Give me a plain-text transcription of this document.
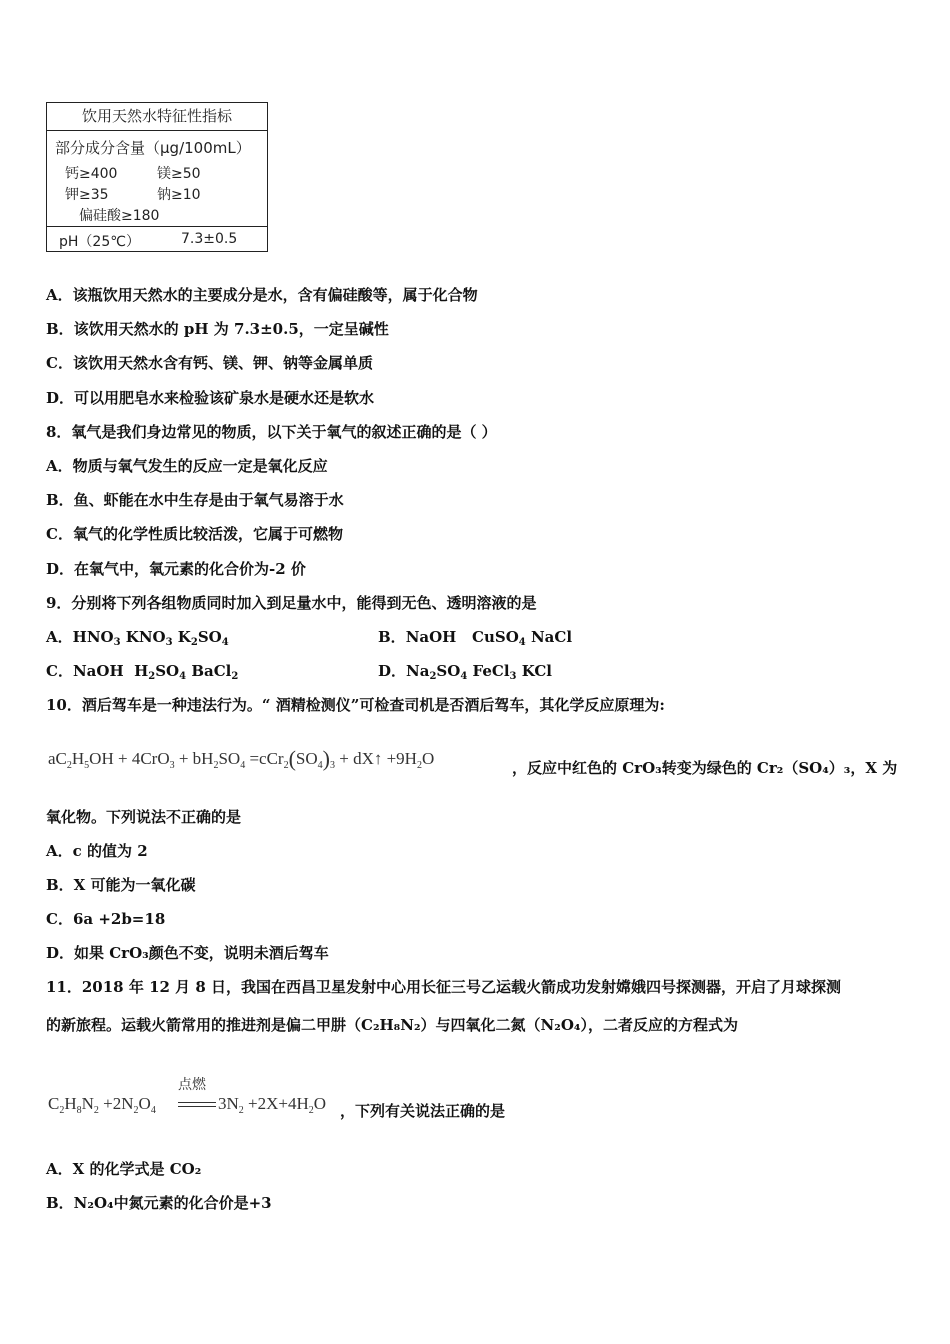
饮用天然水特征性指标
部分成分含量（μg/100mL）
钙≥400	镁≥50
钾≥35	钠≥10
偏硅酸≥180
pH（25℃）	7.3±0.5
A．该瓶饮用天然水的主要成分是水，含有偏硅酸等，属于化合物
B．该饮用天然水的 pH 为 7.3±0.5，一定呈碱性
C．该饮用天然水含有钙、镁、钾、钠等金属单质
D．可以用肥皂水来检验该矿泉水是硬水还是软水
8．氧气是我们身边常见的物质，以下关于氧气的叙述正确的是（ ）
A．物质与氧气发生的反应一定是氧化反应
B．鱼、虾能在水中生存是由于氧气易溶于水
C．氧气的化学性质比较活泼，它属于可燃物
D．在氧气中，氧元素的化合价为-2 价
9．分别将下列各组物质同时加入到足量水中，能得到无色、透明溶液的是
A．$HNO_3$ $KNO_3$ $K_2SO_4$	B．NaOH   CuSO$_4$ NaCl
C．NaOH  $H_2SO_4$ BaCl$_2$	D．$Na_2SO_4$ FeCl$_3$ KCl
10．酒后驾车是一种违法行为。“ 酒精检测仪”可检查司机是否酒后驾车，其化学反应原理为:
$aC_2H_5OH + 4CrO_3 + bH_2SO_4 =cCr_2(SO_4)_3$ + dX↑ $+9H_2O$	，反应中红色的 CrO₃转变为绿色的 Cr₂（SO₄）₃，X 为
氧化物。下列说法不正确的是
A．c 的值为 2
B．X 可能为一氧化碳
C．6a +2b=18
D．如果 CrO₃颜色不变，说明未酒后驾车
11．2018 年 12 月 8 日，我国在西昌卫星发射中心用长征三号乙运载火箭成功发射嫦娥四号探测器，开启了月球探测
的新旅程。运载火箭常用的推进剂是偏二甲肼（C₂H₈N₂）与四氧化二氮（N₂O₄），二者反应的方程式为
$C_2H_8N_2 +2N_2O_4$
点燃
$3N_2 +2X+4H_2O$ ，下列有关说法正确的是
A．X 的化学式是 CO₂
B．N₂O₄中氮元素的化合价是+3
